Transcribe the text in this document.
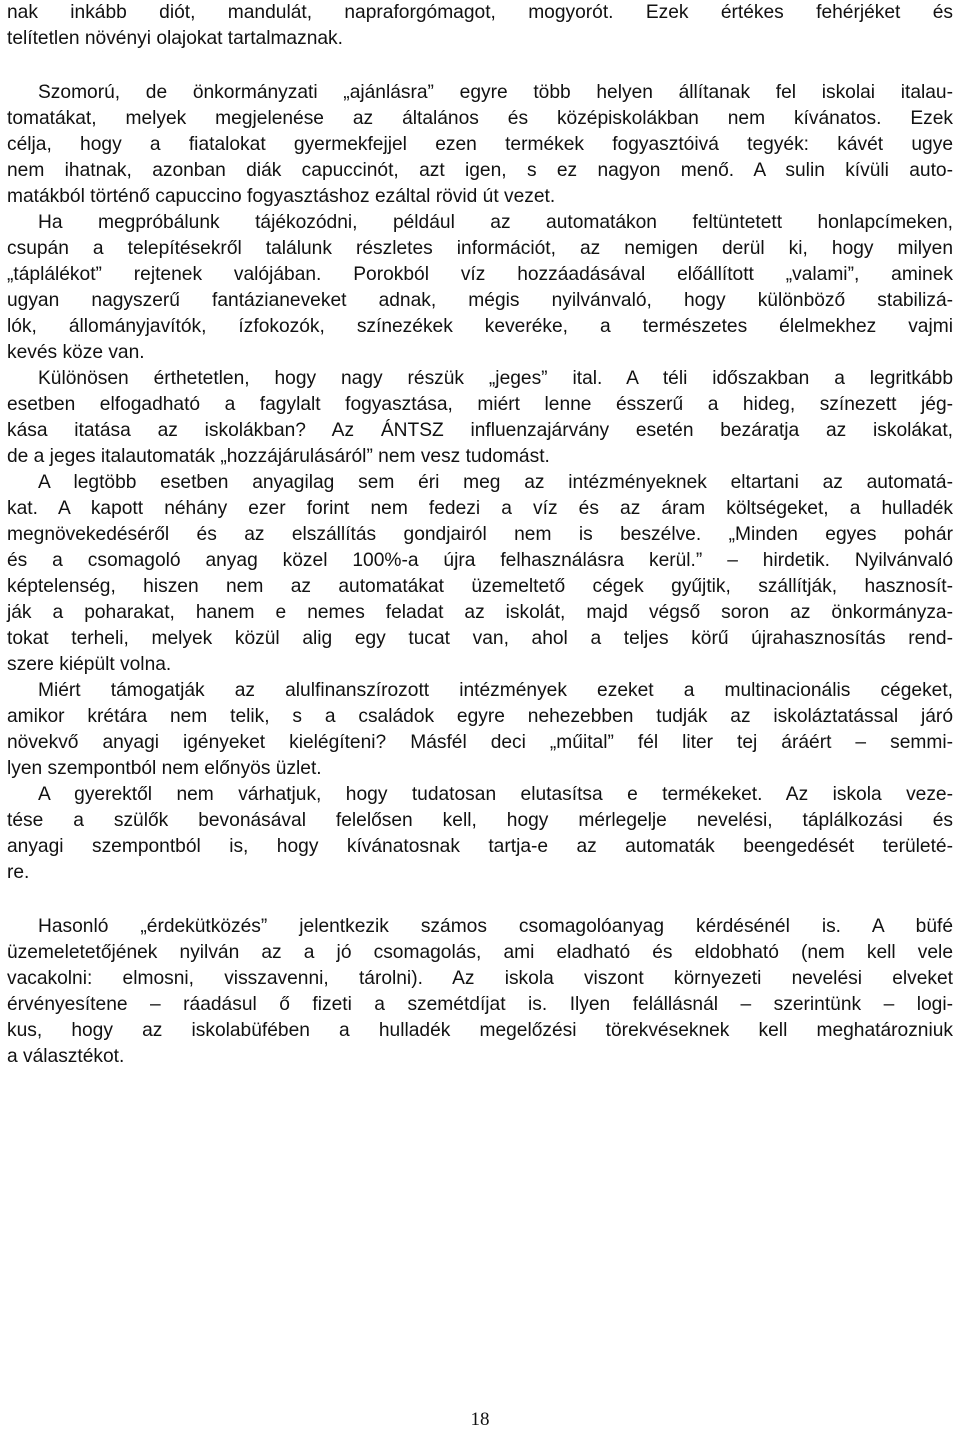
nak inkább diót, mandulát, napraforgómagot, mogyorót. Ezek értékes fehérjéket és
telítetlen növényi olajokat tartalmaznak.
Szomorú, de önkormányzati „ajánlásra” egyre több helyen állítanak fel iskolai italau-
tomatákat, melyek megjelenése az általános és középiskolákban nem kívánatos. Ezek
célja, hogy a fiatalokat gyermekfejjel ezen termékek fogyasztóivá tegyék: kávét ugye
nem ihatnak, azonban diák capuccinót, azt igen, s ez nagyon menő. A sulin kívüli auto-
matákból történő capuccino fogyasztáshoz ezáltal rövid út vezet.
Ha megpróbálunk tájékozódni, például az automatákon feltüntetett honlapcímeken,
csupán a telepítésekről találunk részletes információt, az nemigen derül ki, hogy milyen
„táplálékot” rejtenek valójában. Porokból víz hozzáadásával előállított „valami”, aminek
ugyan nagyszerű fantázianeveket adnak, mégis nyilvánvaló, hogy különböző stabilizá-
lók, állományjavítók, ízfokozók, színezékek keveréke, a természetes élelmekhez vajmi
kevés köze van.
Különösen érthetetlen, hogy nagy részük „jeges” ital. A téli időszakban a legritkább
esetben elfogadható a fagylalt fogyasztása, miért lenne ésszerű a hideg, színezett jég-
kása itatása az iskolákban? Az ÁNTSZ influenzajárvány esetén bezáratja az iskolákat,
de a jeges italautomaták „hozzájárulásáról” nem vesz tudomást.
A legtöbb esetben anyagilag sem éri meg az intézményeknek eltartani az automatá-
kat. A kapott néhány ezer forint nem fedezi a víz és az áram költségeket, a hulladék
megnövekedéséről és az elszállítás gondjairól nem is beszélve. „Minden egyes pohár
és a csomagoló anyag közel 100%-a újra felhasználásra kerül.” – hirdetik. Nyilvánvaló
képtelenség, hiszen nem az automatákat üzemeltető cégek gyűjtik, szállítják, hasznosít-
ják a poharakat, hanem e nemes feladat az iskolát, majd végső soron az önkormányza-
tokat terheli, melyek közül alig egy tucat van, ahol a teljes körű újrahasznosítás rend-
szere kiépült volna.
Miért támogatják az alulfinanszírozott intézmények ezeket a multinacionális cégeket,
amikor krétára nem telik, s a családok egyre nehezebben tudják az iskoláztatással járó
növekvő anyagi igényeket kielégíteni? Másfél deci „műital” fél liter tej áráért – semmi-
lyen szempontból nem előnyös üzlet.
A gyerektől nem várhatjuk, hogy tudatosan elutasítsa e termékeket. Az iskola veze-
tése a szülők bevonásával felelősen kell, hogy mérlegelje nevelési, táplálkozási és
anyagi szempontból is, hogy kívánatosnak tartja-e az automaták beengedését területé-
re.
Hasonló „érdekütközés” jelentkezik számos csomagolóanyag kérdésénél is. A büfé
üzemeletetőjének nyilván az a jó csomagolás, ami eladható és eldobható (nem kell vele
vacakolni: elmosni, visszavenni, tárolni). Az iskola viszont környezeti nevelési elveket
érvényesítene – ráadásul ő fizeti a szemétdíjat is. Ilyen felállásnál – szerintünk – logi-
kus, hogy az iskolabüfében a hulladék megelőzési törekvéseknek kell meghatározniuk
a választékot.
18
